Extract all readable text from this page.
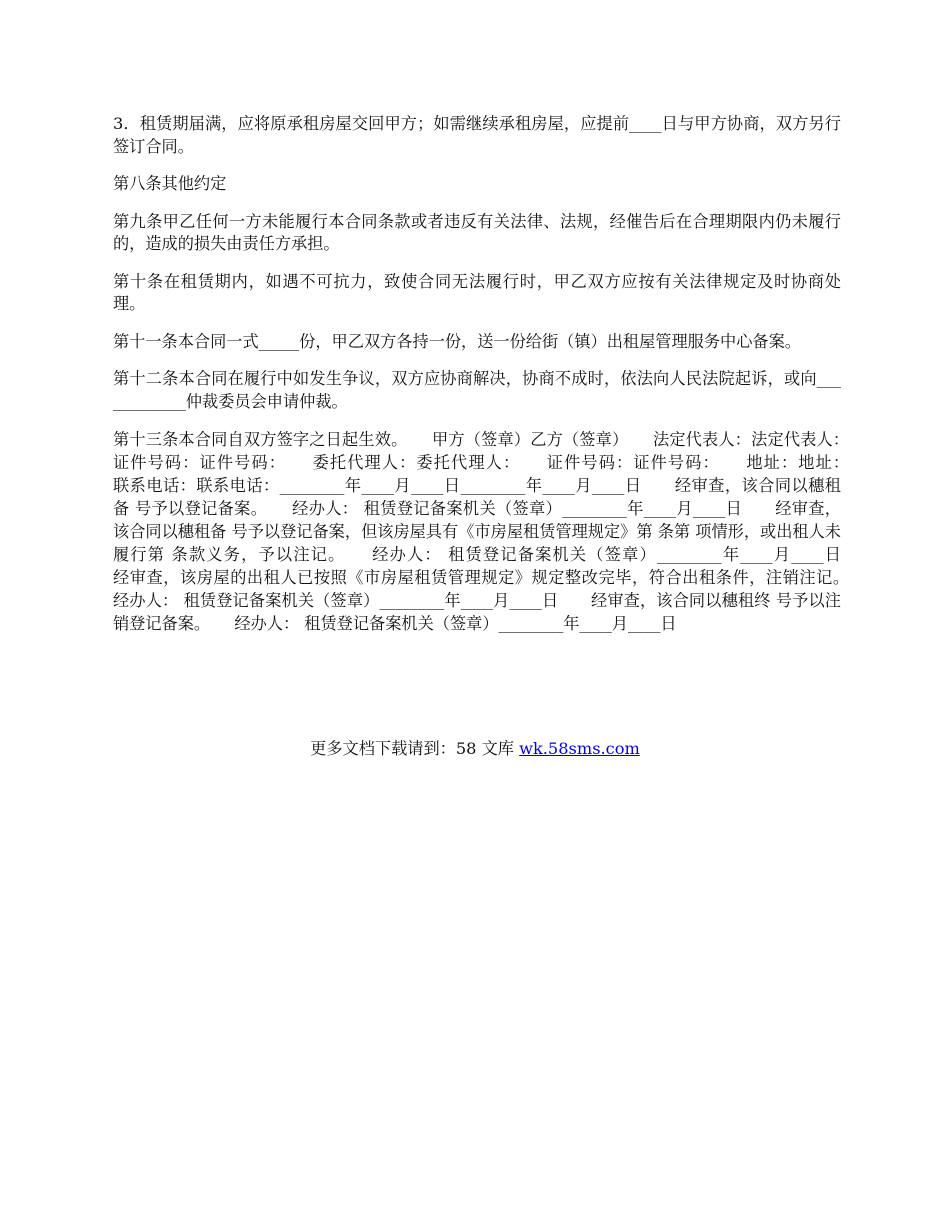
3．租赁期届满，应将原承租房屋交回甲方；如需继续承租房屋，应提前____日与甲方协商，双方另行签订合同。

第八条其他约定

第九条甲乙任何一方未能履行本合同条款或者违反有关法律、法规，经催告后在合理期限内仍未履行的，造成的损失由责任方承担。

第十条在租赁期内，如遇不可抗力，致使合同无法履行时，甲乙双方应按有关法律规定及时协商处理。

第十一条本合同一式_____份，甲乙双方各持一份，送一份给街（镇）出租屋管理服务中心备案。

第十二条本合同在履行中如发生争议，双方应协商解决，协商不成时，依法向人民法院起诉，或向____________仲裁委员会申请仲裁。

第十三条本合同自双方签字之日起生效。　　甲方（签章）乙方（签章）　　法定代表人：法定代表人：　　证件号码：证件号码：　　委托代理人：委托代理人：　　证件号码：证件号码：　　地址：地址：　　联系电话：联系电话：________年____月____日________年____月____日　　经审查，该合同以穗租备 号予以登记备案。　　经办人： 租赁登记备案机关（签章）________年____月____日　　经审查，该合同以穗租备 号予以登记备案，但该房屋具有《市房屋租赁管理规定》第 条第 项情形，或出租人未履行第 条款义务，予以注记。　　经办人： 租赁登记备案机关（签章）________年____月____日　　经审查，该房屋的出租人已按照《市房屋租赁管理规定》规定整改完毕，符合出租条件，注销注记。　　经办人： 租赁登记备案机关（签章）________年____月____日　　经审查，该合同以穗租终 号予以注销登记备案。　　经办人： 租赁登记备案机关（签章）________年____月____日

更多文档下载请到：58 文库 wk.58sms.com
